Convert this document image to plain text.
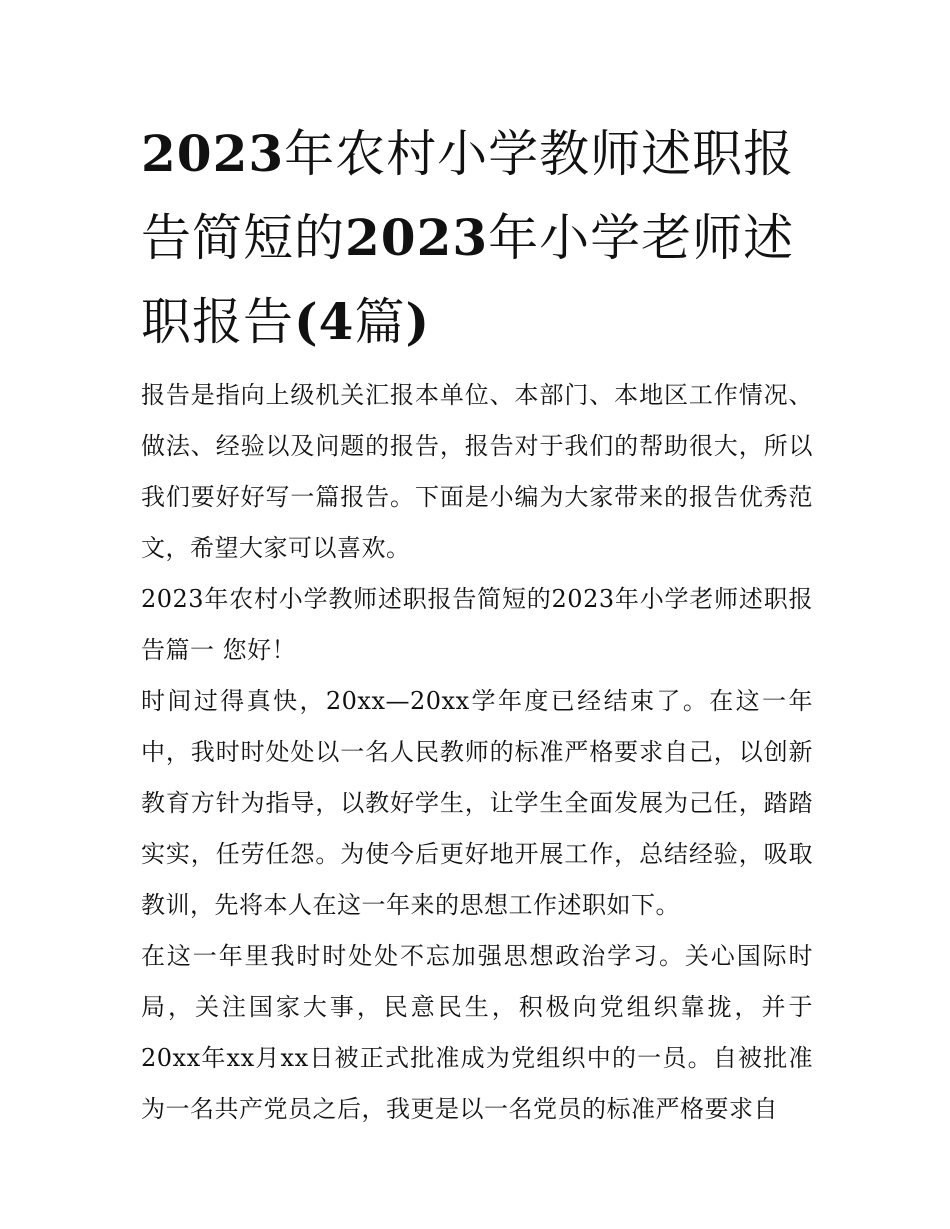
2023年农村小学教师述职报告简短的2023年小学老师述职报告(4篇)

报告是指向上级机关汇报本单位、本部门、本地区工作情况、做法、经验以及问题的报告，报告对于我们的帮助很大，所以我们要好好写一篇报告。下面是小编为大家带来的报告优秀范文，希望大家可以喜欢。

2023年农村小学教师述职报告简短的2023年小学老师述职报告篇一 您好！

时间过得真快，20xx—20xx学年度已经结束了。在这一年中，我时时处处以一名人民教师的标准严格要求自己，以创新教育方针为指导，以教好学生，让学生全面发展为己任，踏踏实实，任劳任怨。为使今后更好地开展工作，总结经验，吸取教训，先将本人在这一年来的思想工作述职如下。

在这一年里我时时处处不忘加强思想政治学习。关心国际时局，关注国家大事，民意民生，积极向党组织靠拢，并于20xx年xx月xx日被正式批准成为党组织中的一员。自被批准为一名共产党员之后，我更是以一名党员的标准严格要求自
